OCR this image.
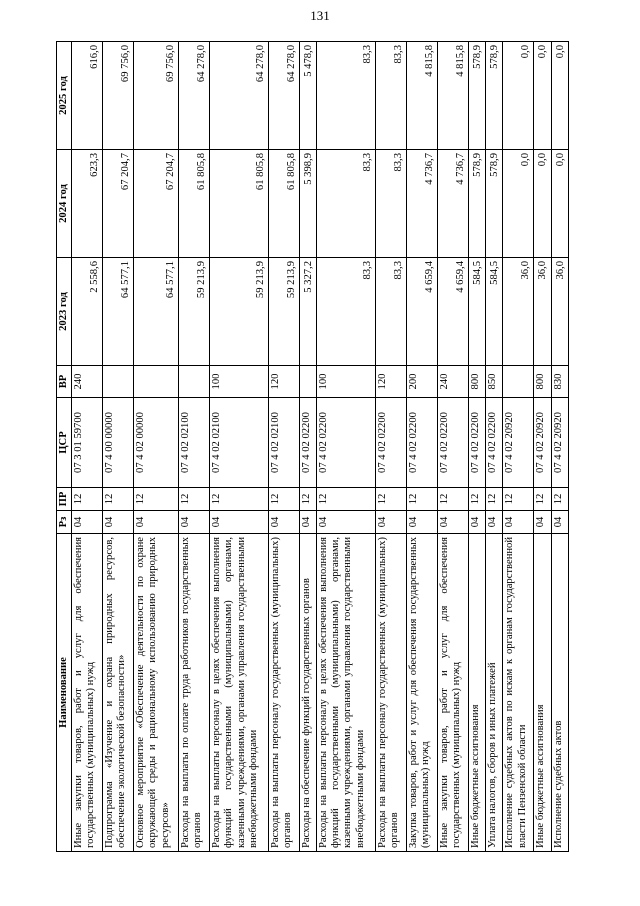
131
Наименование	Рз	ПР	ЦСР	ВР	2023 год	2024 год	2025 год
Иные закупки товаров, работ и услуг для обеспечения государственных (муниципальных) нужд	04	12	07 3 01 59700	240	2 558,6	623,3	616,0
Подпрограмма «Изучение и охрана природных ресурсов, обеспечение экологической безопасности»	04	12	07 4 00 00000		64 577,1	67 204,7	69 756,0
Основное мероприятие «Обеспечение деятельности по охране окружающей среды и рациональному использованию природных ресурсов»	04	12	07 4 02 00000		64 577,1	67 204,7	69 756,0
Расходы на выплаты по оплате труда работников государственных органов	04	12	07 4 02 02100		59 213,9	61 805,8	64 278,0
Расходы на выплаты персоналу в целях обеспечения выполнения функций государственными (муниципальными) органами, казенными учреждениями, органами управления государственными внебюджетными фондами	04	12	07 4 02 02100	100	59 213,9	61 805,8	64 278,0
Расходы на выплаты персоналу государственных (муниципальных) органов	04	12	07 4 02 02100	120	59 213,9	61 805,8	64 278,0
Расходы на обеспечение функций государственных органов	04	12	07 4 02 02200		5 327,2	5 398,9	5 478,0
Расходы на выплаты персоналу в целях обеспечения выполнения функций государственными (муниципальными) органами, казенными учреждениями, органами управления государственными внебюджетными фондами	04	12	07 4 02 02200	100	83,3	83,3	83,3
Расходы на выплаты персоналу государственных (муниципальных) органов	04	12	07 4 02 02200	120	83,3	83,3	83,3
Закупка товаров, работ и услуг для обеспечения государственных (муниципальных) нужд	04	12	07 4 02 02200	200	4 659,4	4 736,7	4 815,8
Иные закупки товаров, работ и услуг для обеспечения государственных (муниципальных) нужд	04	12	07 4 02 02200	240	4 659,4	4 736,7	4 815,8
Иные бюджетные ассигнования	04	12	07 4 02 02200	800	584,5	578,9	578,9
Уплата налогов, сборов и иных платежей	04	12	07 4 02 02200	850	584,5	578,9	578,9
Исполнение судебных актов по искам к органам государственной власти Пензенской области	04	12	07 4 02 20920		36,0	0,0	0,0
Иные бюджетные ассигнования	04	12	07 4 02 20920	800	36,0	0,0	0,0
Исполнение судебных актов	04	12	07 4 02 20920	830	36,0	0,0	0,0
